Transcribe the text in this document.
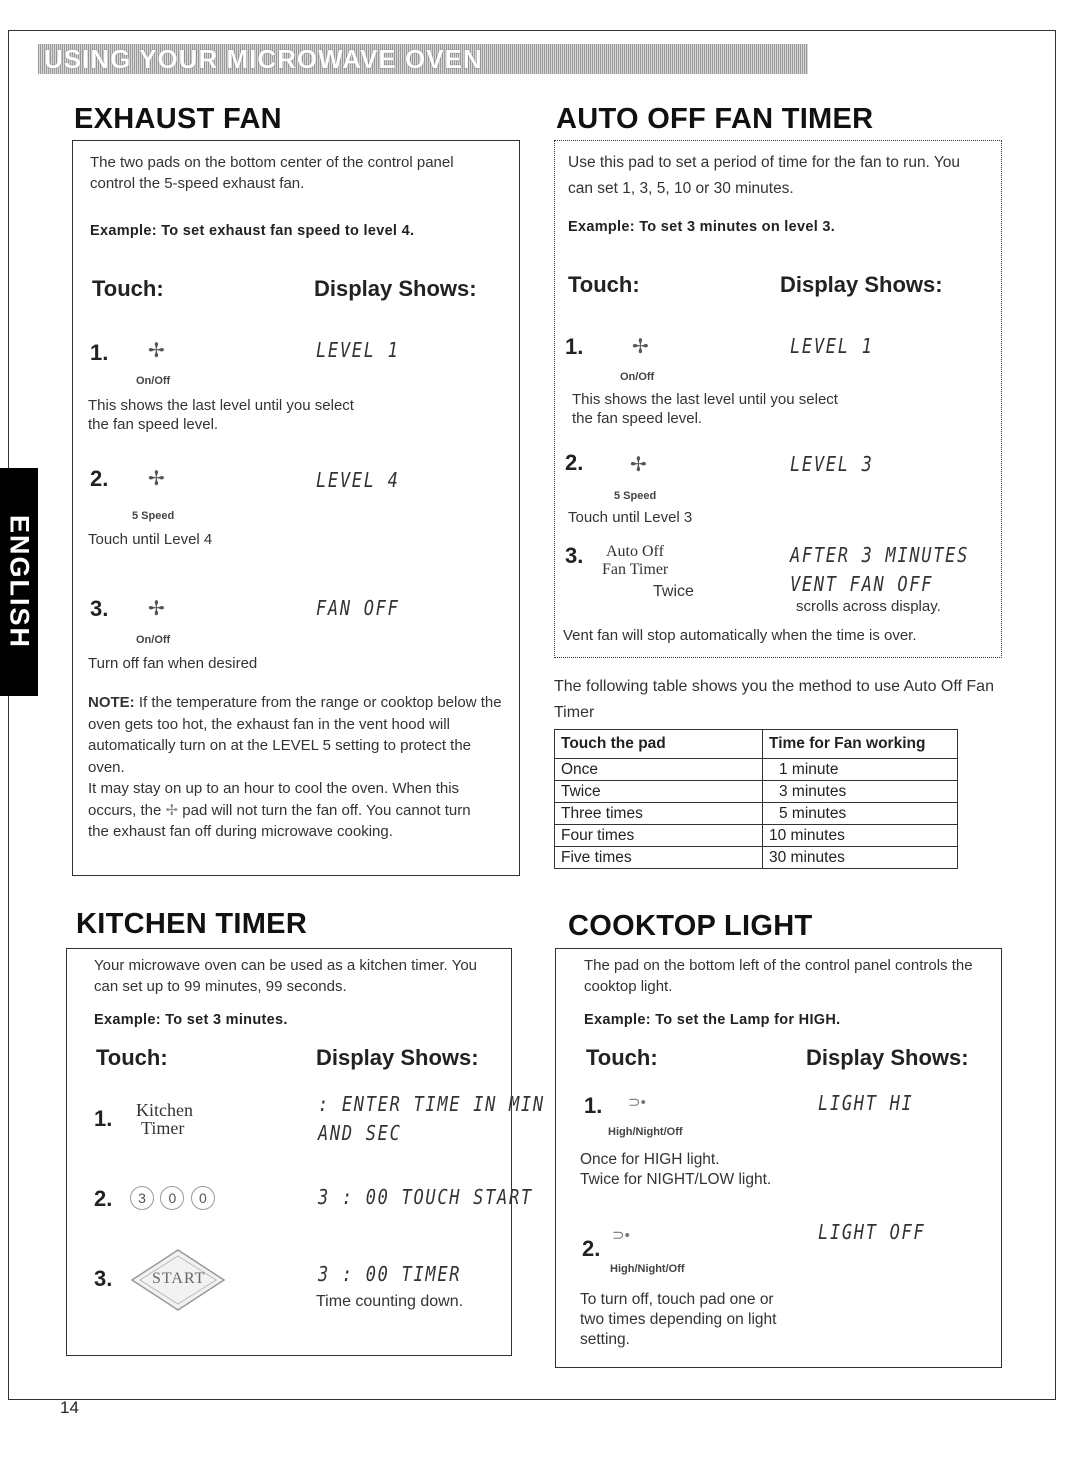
USING YOUR MICROWAVE OVEN
ENGLISH
EXHAUST FAN
The two pads on the bottom center of the control panel control the 5-speed exhaust fan.
Example: To set exhaust fan speed to level 4.
Touch:	Display Shows:
1. ✢	LEVEL 1
On/Off
This shows the last level until you select the fan speed level.
2. ✢	LEVEL 4
5 Speed
Touch until Level 4
3. ✢	FAN OFF
On/Off
Turn off fan when desired
NOTE: If the temperature from the range or cooktop below the oven gets too hot, the exhaust fan in the vent hood will automatically turn on at the LEVEL 5 setting to protect the oven.
It may stay on up to an hour to cool the oven. When this occurs, the ✢ pad will not turn the fan off. You cannot turn the exhaust fan off during microwave cooking.
AUTO OFF FAN TIMER
Use this pad to set a period of time for the fan to run. You can set 1, 3, 5, 10 or 30 minutes.
Example: To set 3 minutes on level 3.
Touch:	Display Shows:
1. ✢	LEVEL 1
On/Off
This shows the last level until you select the fan speed level.
2. ✢	LEVEL 3
5 Speed
Touch until Level 3
3. Auto Off
Fan Timer
Twice
AFTER 3 MINUTES
VENT FAN OFF
scrolls across display.
Vent fan will stop automatically when the time is over.
The following table shows you the method to use Auto Off Fan Timer
Touch the pad	Time for Fan working
Once	1 minute
Twice	3 minutes
Three times	5 minutes
Four times	10 minutes
Five times	30 minutes
KITCHEN TIMER
Your microwave oven can be used as a kitchen timer. You can set up to 99 minutes, 99 seconds.
Example: To set 3 minutes.
Touch:	Display Shows:
1. Kitchen
Timer
: ENTER TIME IN MIN
AND SEC
2.	3 0 0	3 : 00 TOUCH START
3. START	3 : 00 TIMER
Time counting down.
COOKTOP LIGHT
The pad on the bottom left of the control panel controls the cooktop light.
Example: To set the Lamp for HIGH.
Touch:	Display Shows:
1. ⊃•	LIGHT HI
High/Night/Off
Once for HIGH light.
Twice for NIGHT/LOW light.
2.
⊃•	LIGHT OFF
High/Night/Off
To turn off, touch pad one or two times depending on light setting.
14
